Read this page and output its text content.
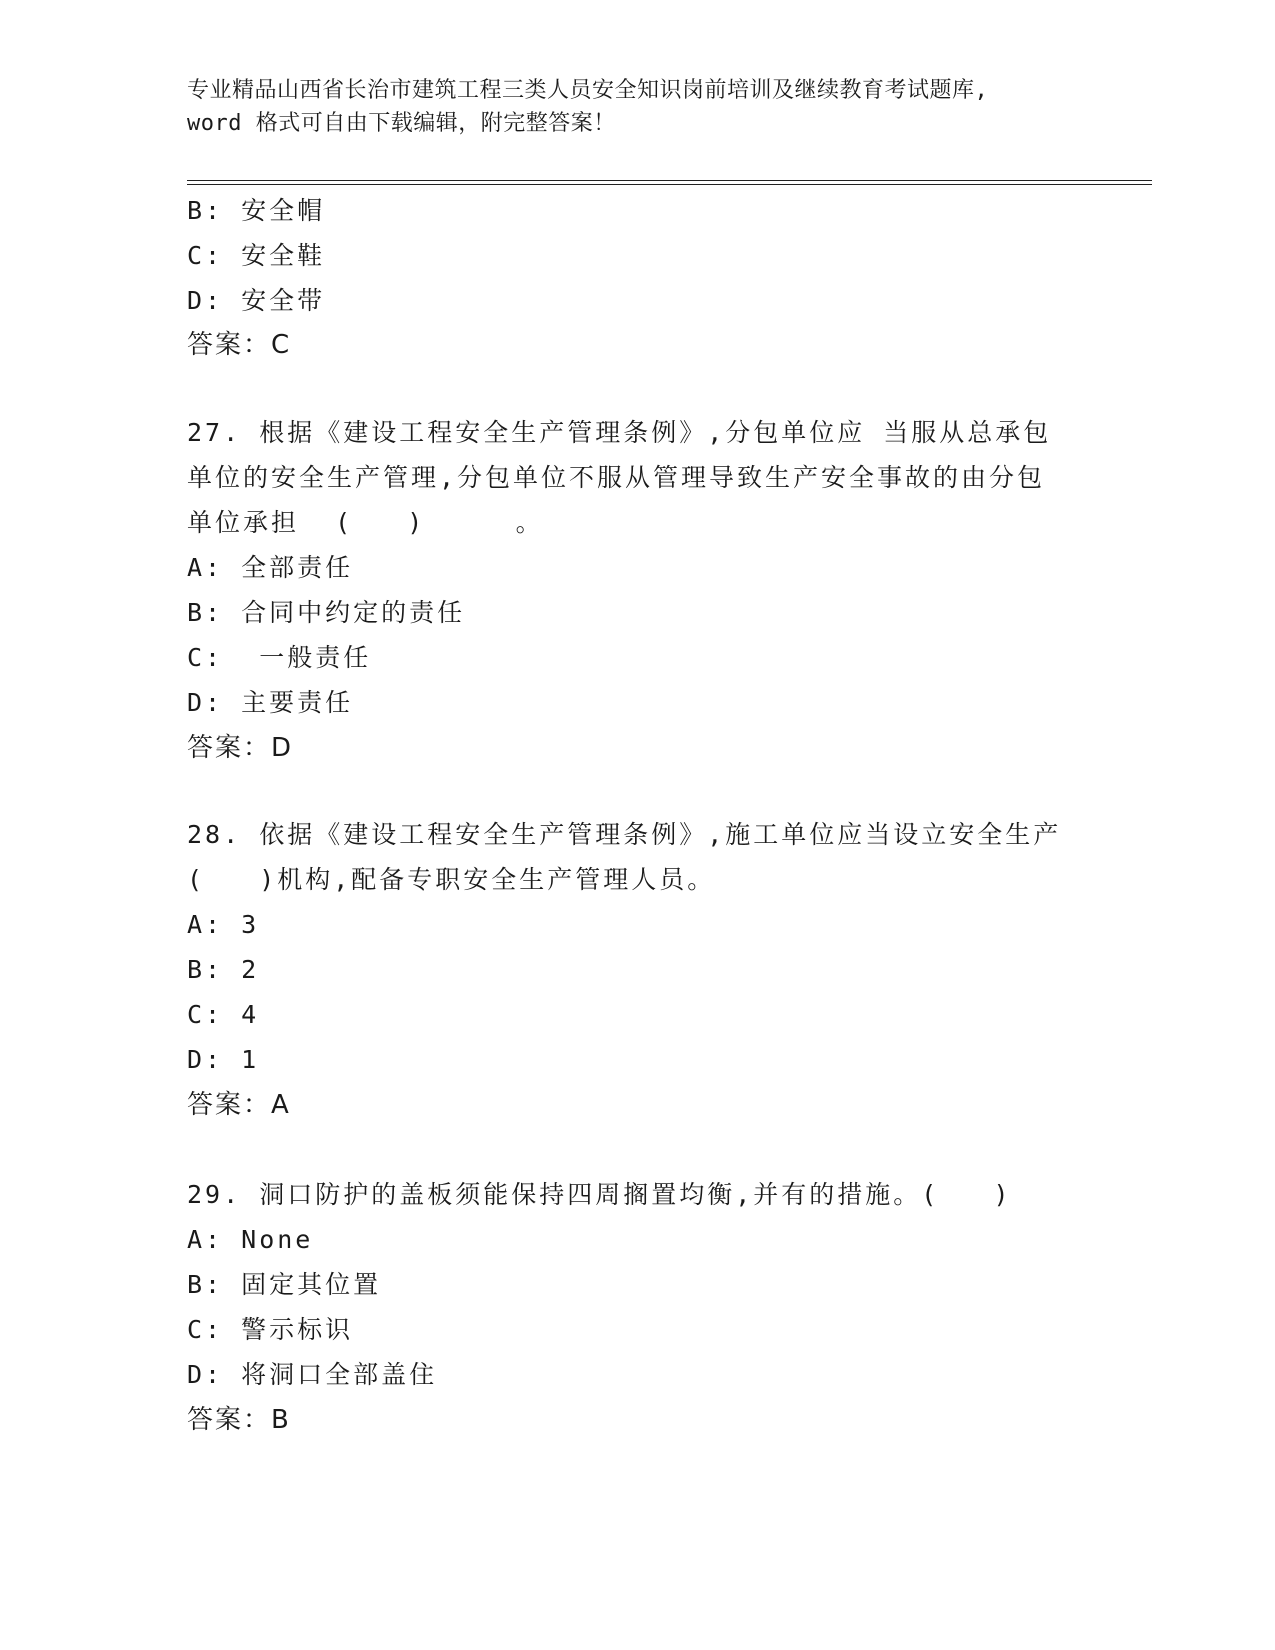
专业精品山西省长治市建筑工程三类人员安全知识岗前培训及继续教育考试题库,
word 格式可自由下载编辑，附完整答案！
B: 安全帽
C: 安全鞋
D: 安全带
答案：C
27. 根据《建设工程安全生产管理条例》,分包单位应 当服从总承包
单位的安全生产管理,分包单位不服从管理导致生产安全事故的由分包
单位承担  (   )     。
A: 全部责任
B: 合同中约定的责任
C:  一般责任
D: 主要责任
答案：D
28. 依据《建设工程安全生产管理条例》,施工单位应当设立安全生产
(   )机构,配备专职安全生产管理人员。
A: 3
B: 2
C: 4
D: 1
答案：A
29. 洞口防护的盖板须能保持四周搁置均衡,并有的措施。(   )
A: None
B: 固定其位置
C: 警示标识
D: 将洞口全部盖住
答案：B
